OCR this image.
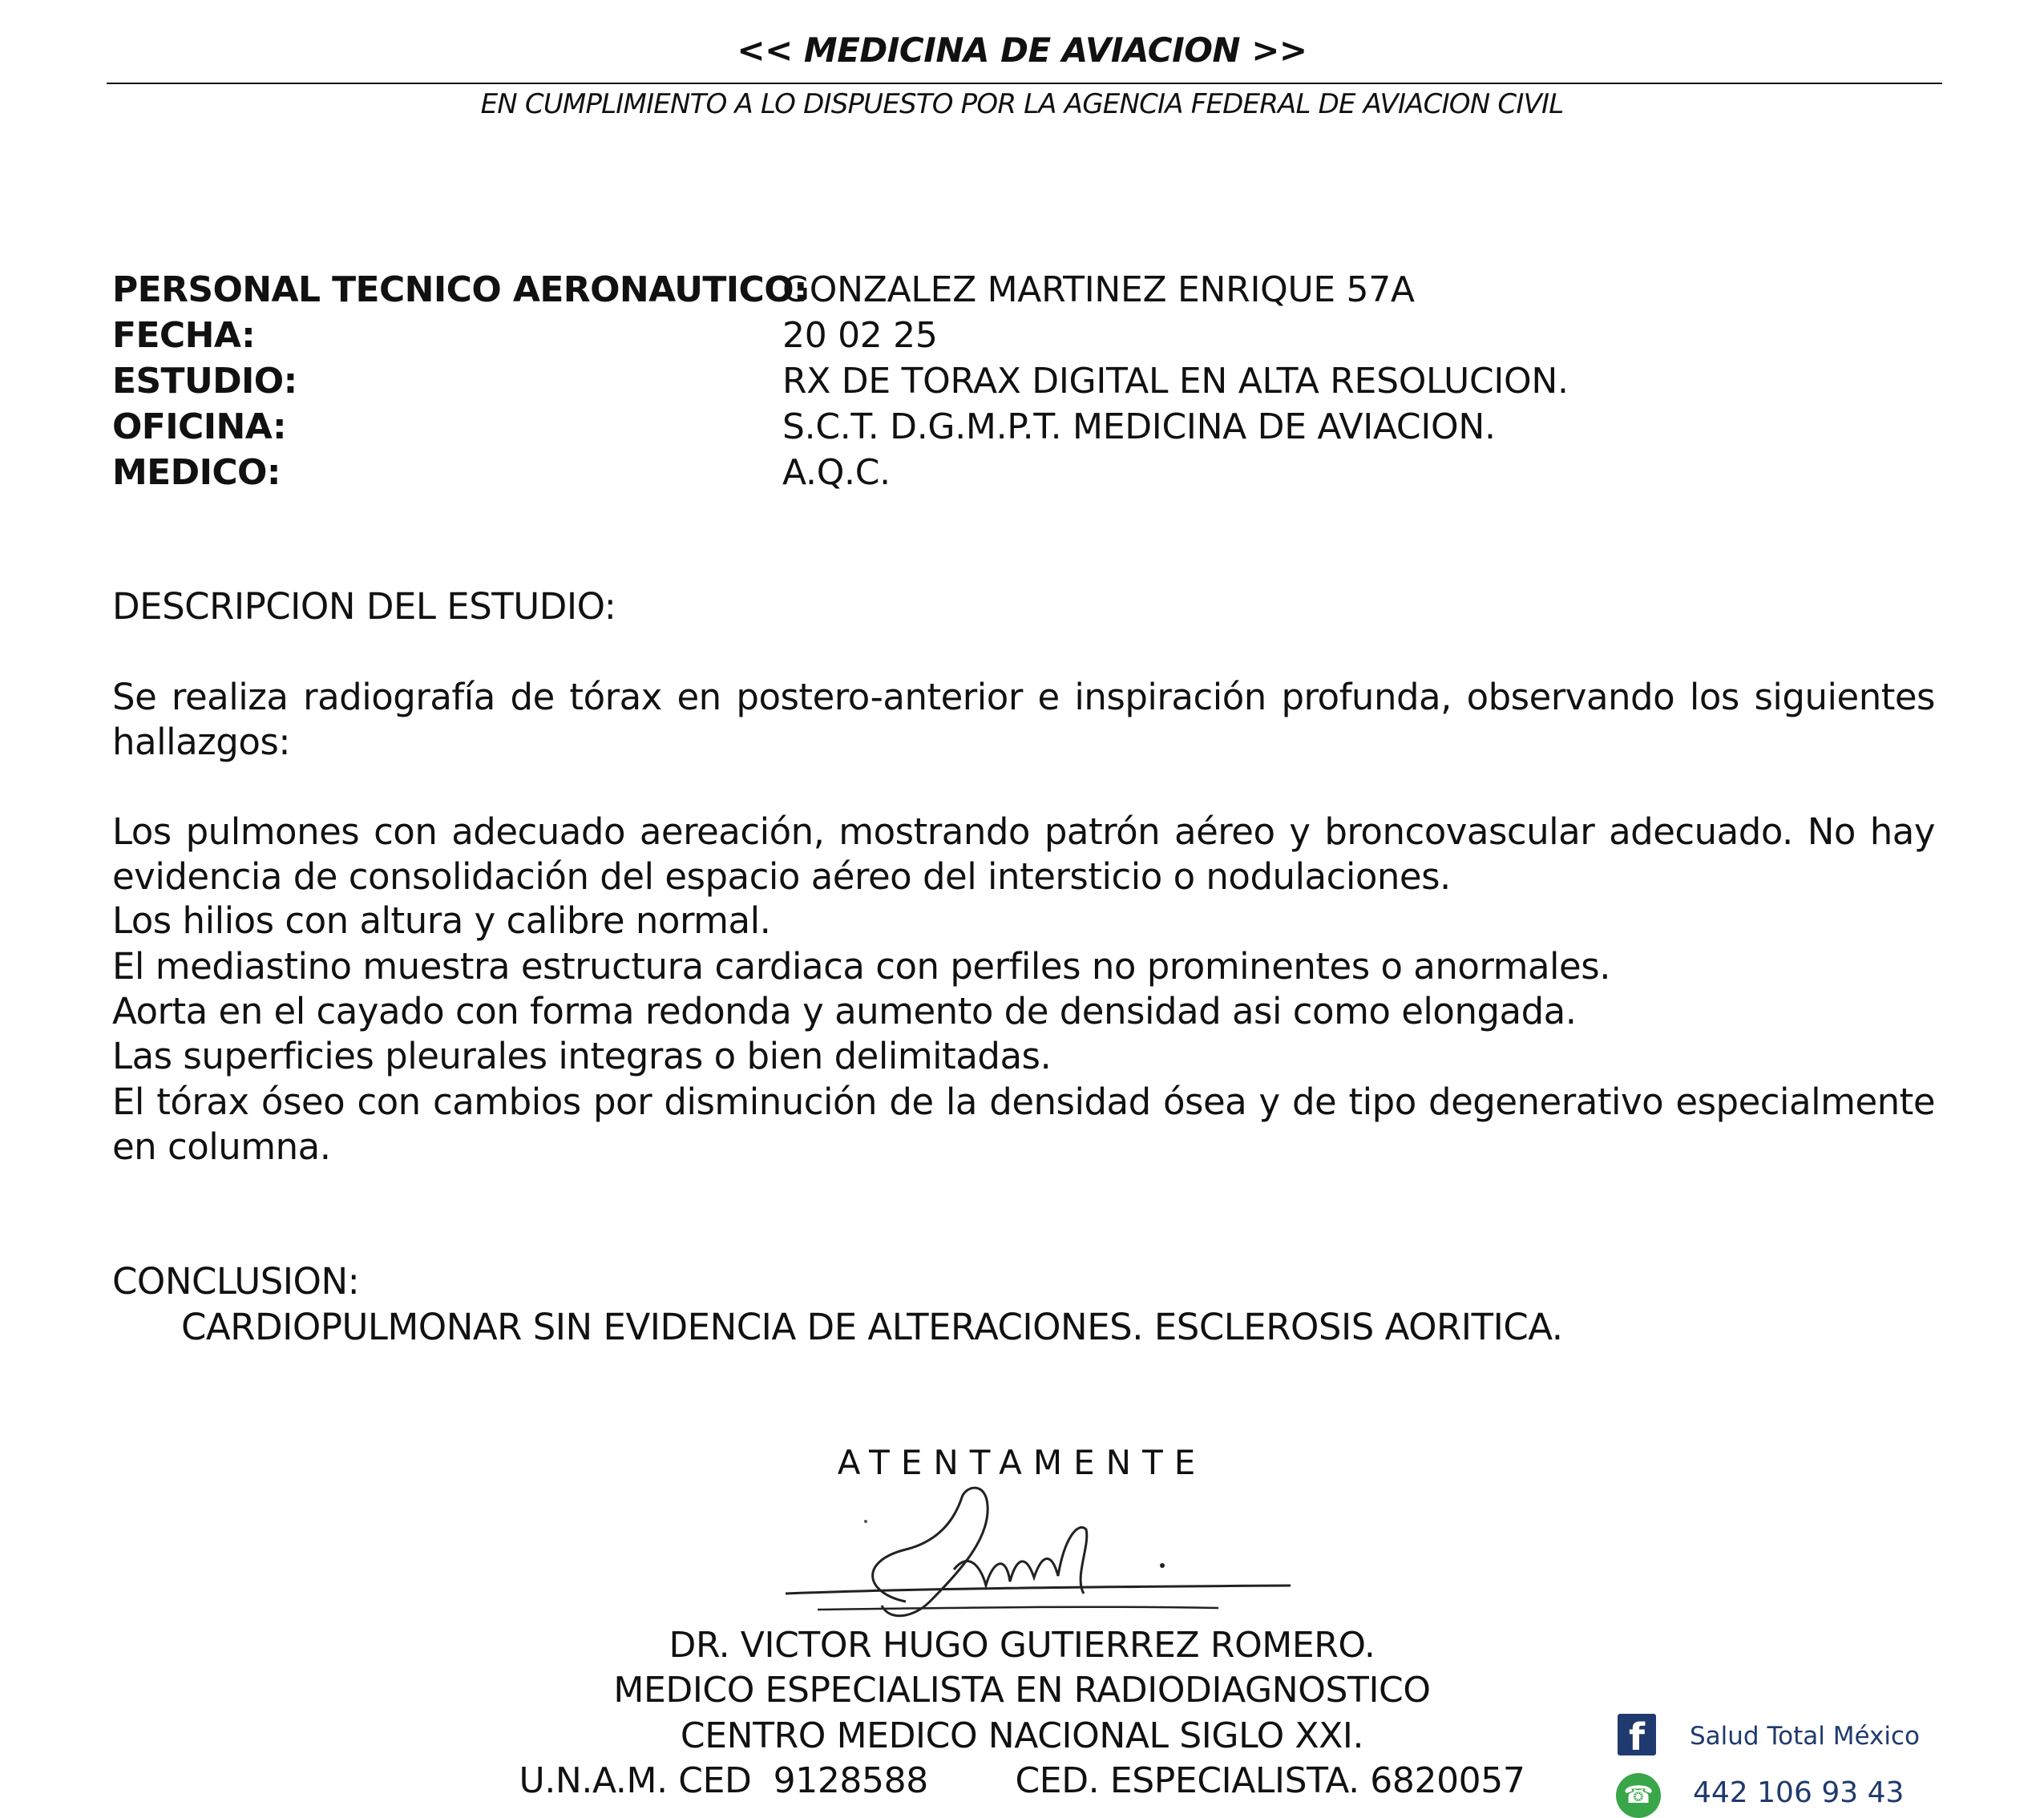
<< MEDICINA DE AVIACION >>
EN CUMPLIMIENTO A LO DISPUESTO POR LA AGENCIA FEDERAL DE AVIACION CIVIL
PERSONAL TECNICO AERONAUTICO:
GONZALEZ MARTINEZ ENRIQUE 57A
FECHA:	20 02 25
ESTUDIO:	RX DE TORAX DIGITAL EN ALTA RESOLUCION.
OFICINA:	S.C.T. D.G.M.P.T. MEDICINA DE AVIACION.
MEDICO:	A.Q.C.
DESCRIPCION DEL ESTUDIO:
Se realiza radiografía de tórax en postero-anterior e inspiración profunda, observando los siguientes hallazgos:
Los pulmones con adecuado aereación, mostrando patrón aéreo y broncovascular adecuado. No hay evidencia de consolidación del espacio aéreo del intersticio o nodulaciones.
Los hilios con altura y calibre normal.
El mediastino muestra estructura cardiaca con perfiles no prominentes o anormales.
Aorta en el cayado con forma redonda y aumento de densidad asi como elongada.
Las superficies pleurales integras o bien delimitadas.
El tórax óseo con cambios por disminución de la densidad ósea y de tipo degenerativo especialmente en columna.
CONCLUSION:
CARDIOPULMONAR SIN EVIDENCIA DE ALTERACIONES. ESCLEROSIS AORITICA.
ATENTAMENTE
DR. VICTOR HUGO GUTIERREZ ROMERO.
MEDICO ESPECIALISTA EN RADIODIAGNOSTICO
CENTRO MEDICO NACIONAL SIGLO XXI.
U.N.A.M. CED  9128588        CED. ESPECIALISTA. 6820057
f	Salud Total México
☎ 442 106 93 43
